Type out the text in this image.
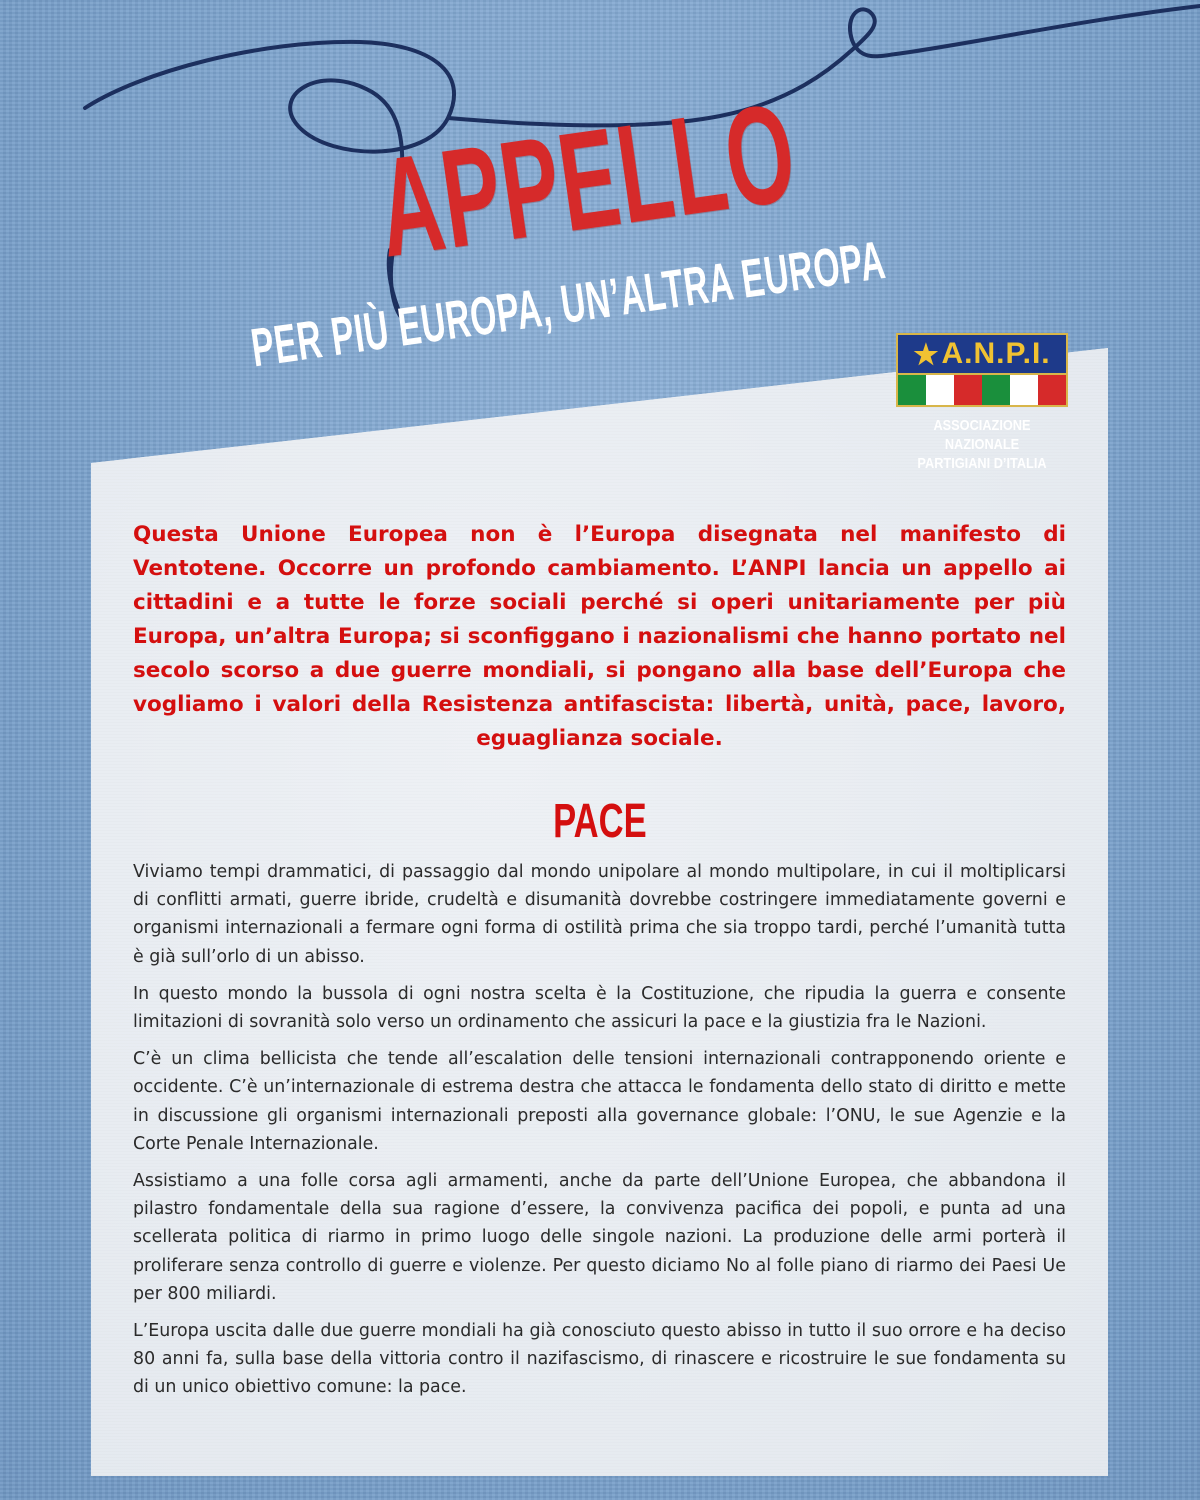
APPELLO
PER PIÙ EUROPA, UN’ALTRA EUROPA ★ A.N.P.I.
ASSOCIAZIONE NAZIONALE
PARTIGIANI D’ITALIA

Questa Unione Europea non è l’Europa disegnata nel manifesto di Ventotene. Occorre un profondo cambiamento. L’ANPI lancia un appello ai cittadini e a tutte le forze sociali perché si operi unitariamente per più Europa, un’altra Europa; si sconfiggano i nazionalismi che hanno portato nel secolo scorso a due guerre mondiali, si pongano alla base dell’Europa che vogliamo i valori della Resistenza antifascista: libertà, unità, pace, lavoro, eguaglianza sociale.

PACE

Viviamo tempi drammatici, di passaggio dal mondo unipolare al mondo multipolare, in cui il moltiplicarsi di conflitti armati, guerre ibride, crudeltà e disumanità dovrebbe costringere immediatamente governi e organismi internazionali a fermare ogni forma di ostilità prima che sia troppo tardi, perché l’umanità tutta è già sull’orlo di un abisso.

In questo mondo la bussola di ogni nostra scelta è la Costituzione, che ripudia la guerra e consente limitazioni di sovranità solo verso un ordinamento che assicuri la pace e la giustizia fra le Nazioni.

C’è un clima bellicista che tende all’escalation delle tensioni internazionali contrapponendo oriente e occidente. C’è un’internazionale di estrema destra che attacca le fondamenta dello stato di diritto e mette in discussione gli organismi internazionali preposti alla governance globale: l’ONU, le sue Agenzie e la Corte Penale Internazionale.

Assistiamo a una folle corsa agli armamenti, anche da parte dell’Unione Europea, che abbandona il pilastro fondamentale della sua ragione d’essere, la convivenza pacifica dei popoli, e punta ad una scellerata politica di riarmo in primo luogo delle singole nazioni. La produzione delle armi porterà il proliferare senza controllo di guerre e violenze. Per questo diciamo No al folle piano di riarmo dei Paesi Ue per 800 miliardi.

L’Europa uscita dalle due guerre mondiali ha già conosciuto questo abisso in tutto il suo orrore e ha deciso 80 anni fa, sulla base della vittoria contro il nazifascismo, di rinascere e ricostruire le sue fondamenta su di un unico obiettivo comune: la pace.
